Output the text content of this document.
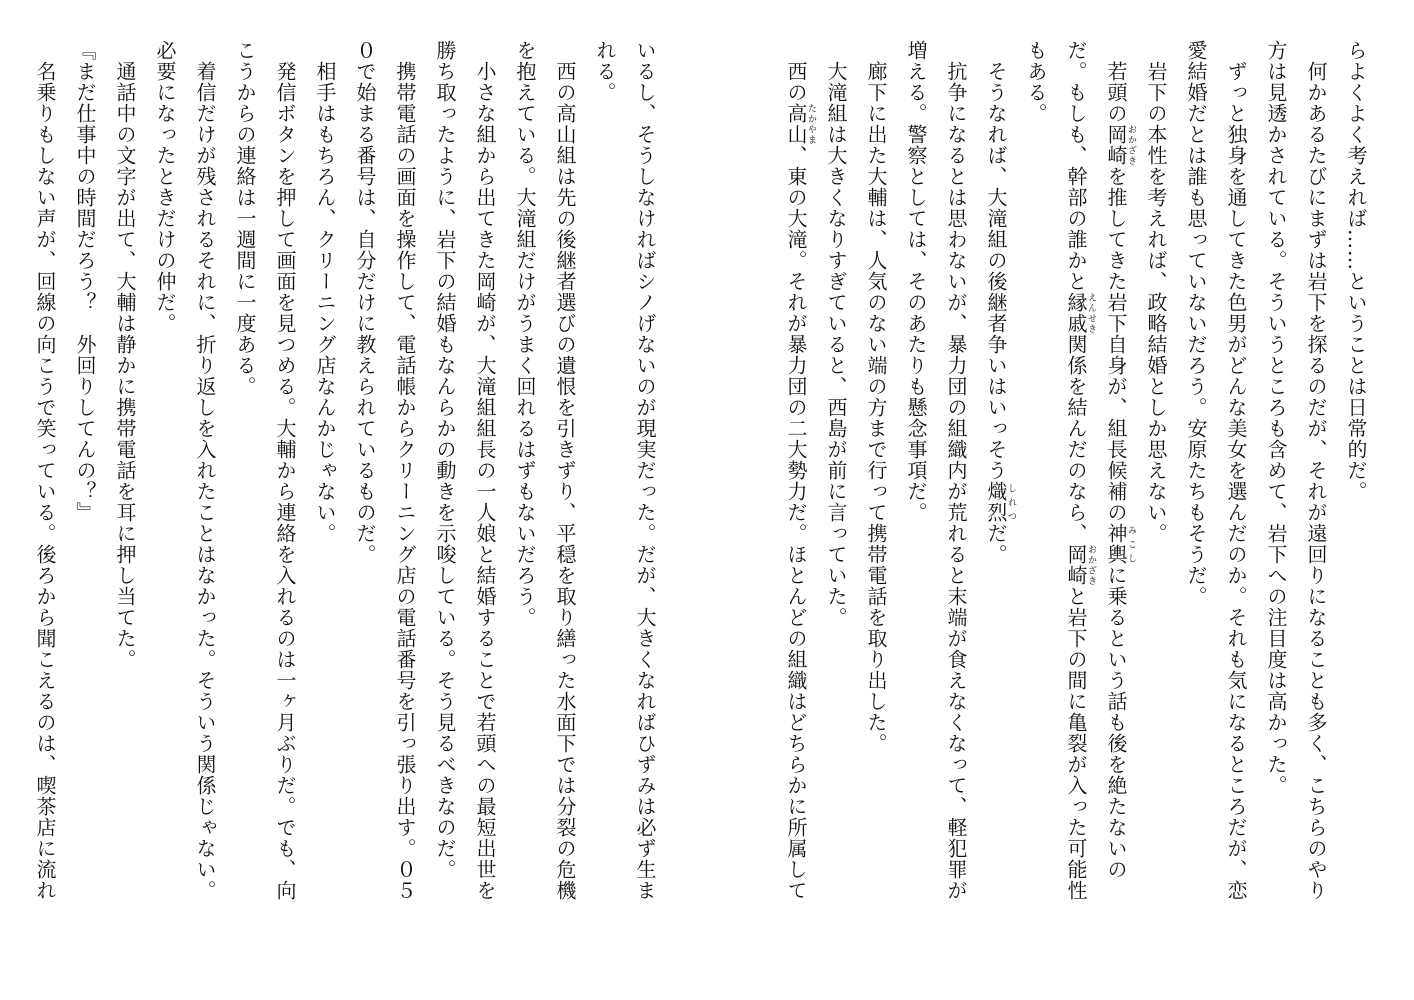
らよくよく考えれば……ということは日常的だ。
　何かあるたびにまずは岩下を探るのだが、それが遠回りになることも多く、こちらのやり
方は見透かされている。そういうところも含めて、岩下への注目度は高かった。
　ずっと独身を通してきた色男がどんな美女を選んだのか。それも気になるところだが、恋
愛結婚だとは誰も思っていないだろう。安原たちもそうだ。
　岩下の本性を考えれば、政略結婚としか思えない。
　若頭の岡崎おかざきを推してきた岩下自身が、組長候補の神輿みこしに乗るという話も後を絶たないの
だ。もしも、幹部の誰かと縁戚えんせき関係を結んだのなら、岡崎おかざきと岩下の間に亀裂が入った可能性
もある。
　そうなれば、大滝組の後継者争いはいっそう熾烈しれつだ。
　抗争になるとは思わないが、暴力団の組織内が荒れると末端が食えなくなって、軽犯罪が
増える。警察としては、そのあたりも懸念事項だ。
　廊下に出た大輔は、人気のない端の方まで行って携帯電話を取り出した。
　大滝組は大きくなりすぎていると、西島が前に言っていた。
　西の高山たかやま、東の大滝。それが暴力団の二大勢力だ。ほとんどの組織はどちらかに所属して
いるし、そうしなければシノげないのが現実だった。だが、大きくなればひずみは必ず生ま
れる。
　西の高山組は先の後継者選びの遺恨を引きずり、平穏を取り繕った水面下では分裂の危機
を抱えている。大滝組だけがうまく回れるはずもないだろう。
　小さな組から出てきた岡崎が、大滝組組長の一人娘と結婚することで若頭への最短出世を
勝ち取ったように、岩下の結婚もなんらかの動きを示唆している。そう見るべきなのだ。
　携帯電話の画面を操作して、電話帳からクリーニング店の電話番号を引っ張り出す。０５
０で始まる番号は、自分だけに教えられているものだ。
　相手はもちろん、クリーニング店なんかじゃない。
　発信ボタンを押して画面を見つめる。大輔から連絡を入れるのは一ヶ月ぶりだ。でも、向
こうからの連絡は一週間に一度ある。
　着信だけが残されるそれに、折り返しを入れたことはなかった。そういう関係じゃない。
必要になったときだけの仲だ。
　通話中の文字が出て、大輔は静かに携帯電話を耳に押し当てた。
『まだ仕事中の時間だろう？　外回りしてんの？』
　名乗りもしない声が、回線の向こうで笑っている。後ろから聞こえるのは、喫茶店に流れ
